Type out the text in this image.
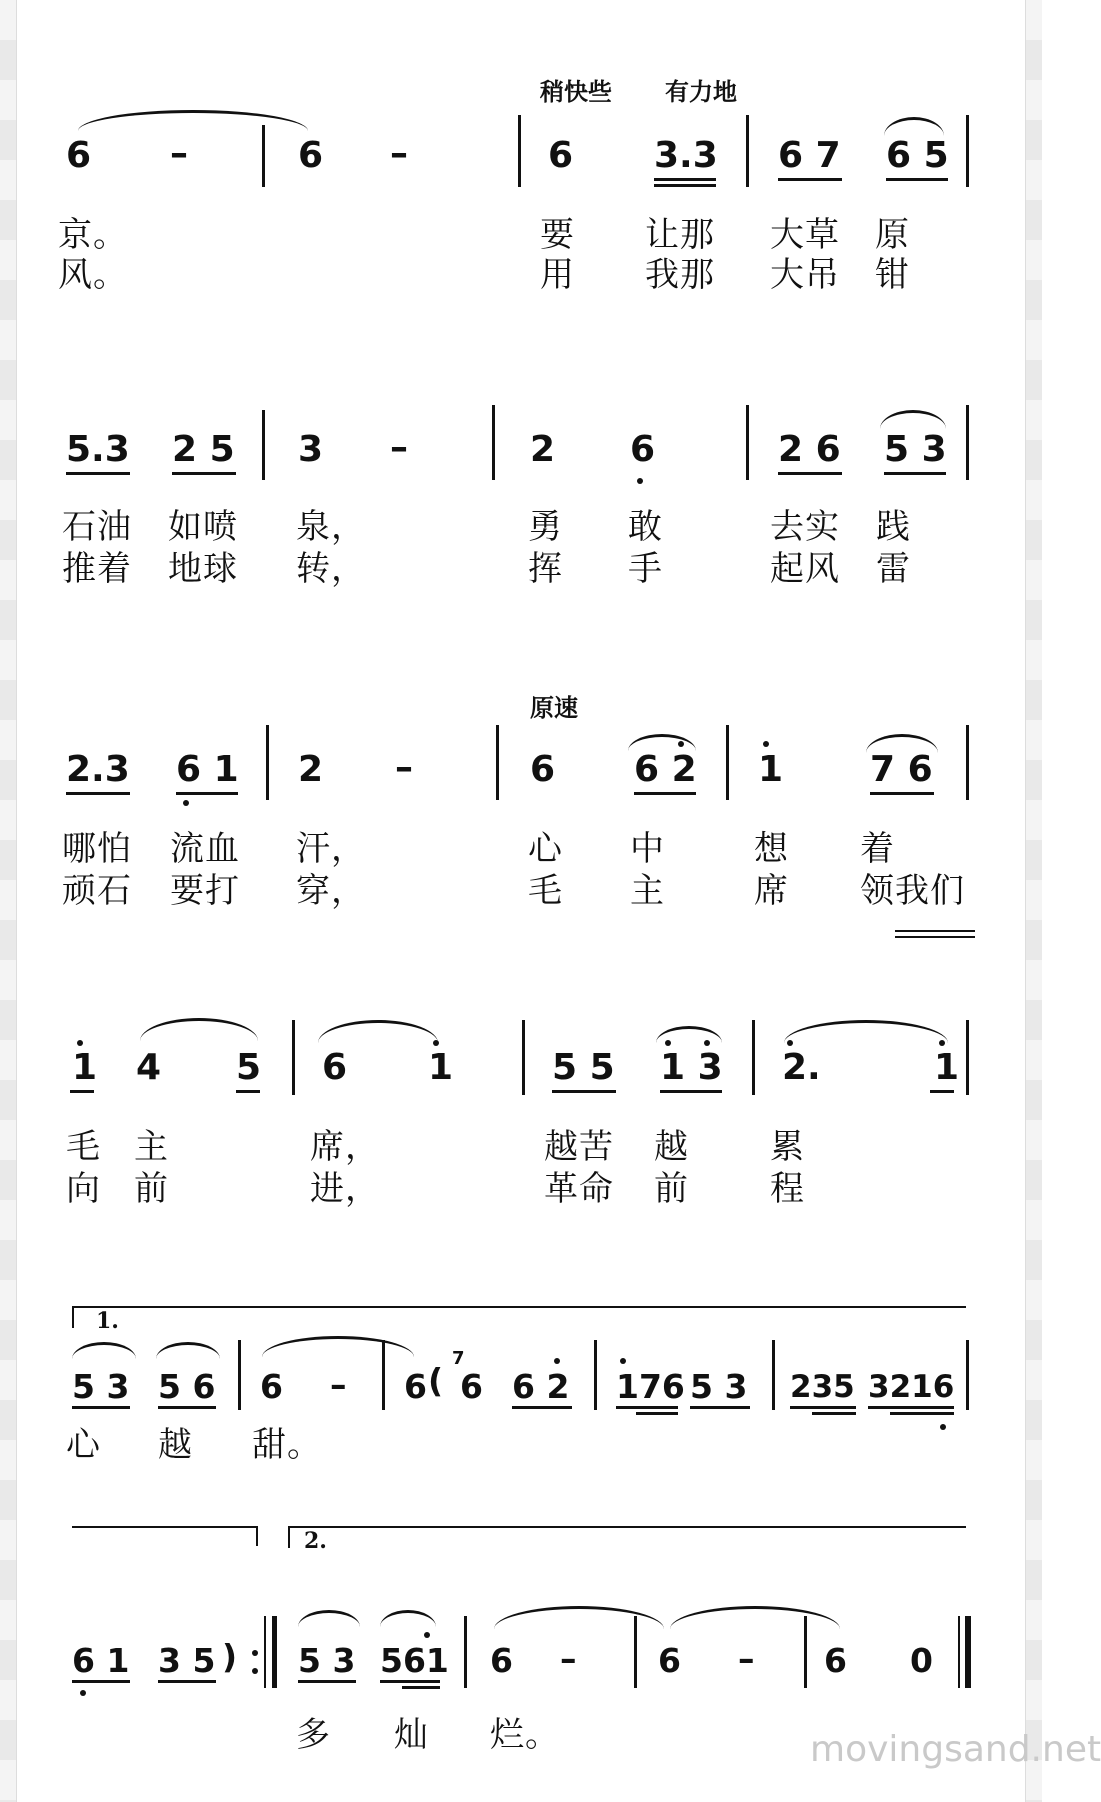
稍快些 有力地
6 –	6 –	6 3.3 6 7 6 5
京。	要 让那 大草 原
风。	用 我那 大吊 钳
5.3 2 5 3 –	2 6	2 6 5 3
石油 如喷 泉，	勇 敢	去实 践
推着 地球 转，	挥 手	起风 雷
原速
2.3 6 1 2 –	6 6 2 1 7 6
哪怕 流血 汗，	心 中	想 着
顽石 要打 穿，	毛 主	席 领我们
1 4 5 6 1	5 5 1 3 2.	1
毛 主	席，	越苦 越 累
向 前	进，	革命 前 程
1.
5 3 5 6 6 – 6 (
7
6 6 2 176 5 3 235 3216
心 越 甜。
2.
6 1 3 5 ) 5 3 561 6 – 6 – 6 0
多 灿 烂。	movingsand.net
